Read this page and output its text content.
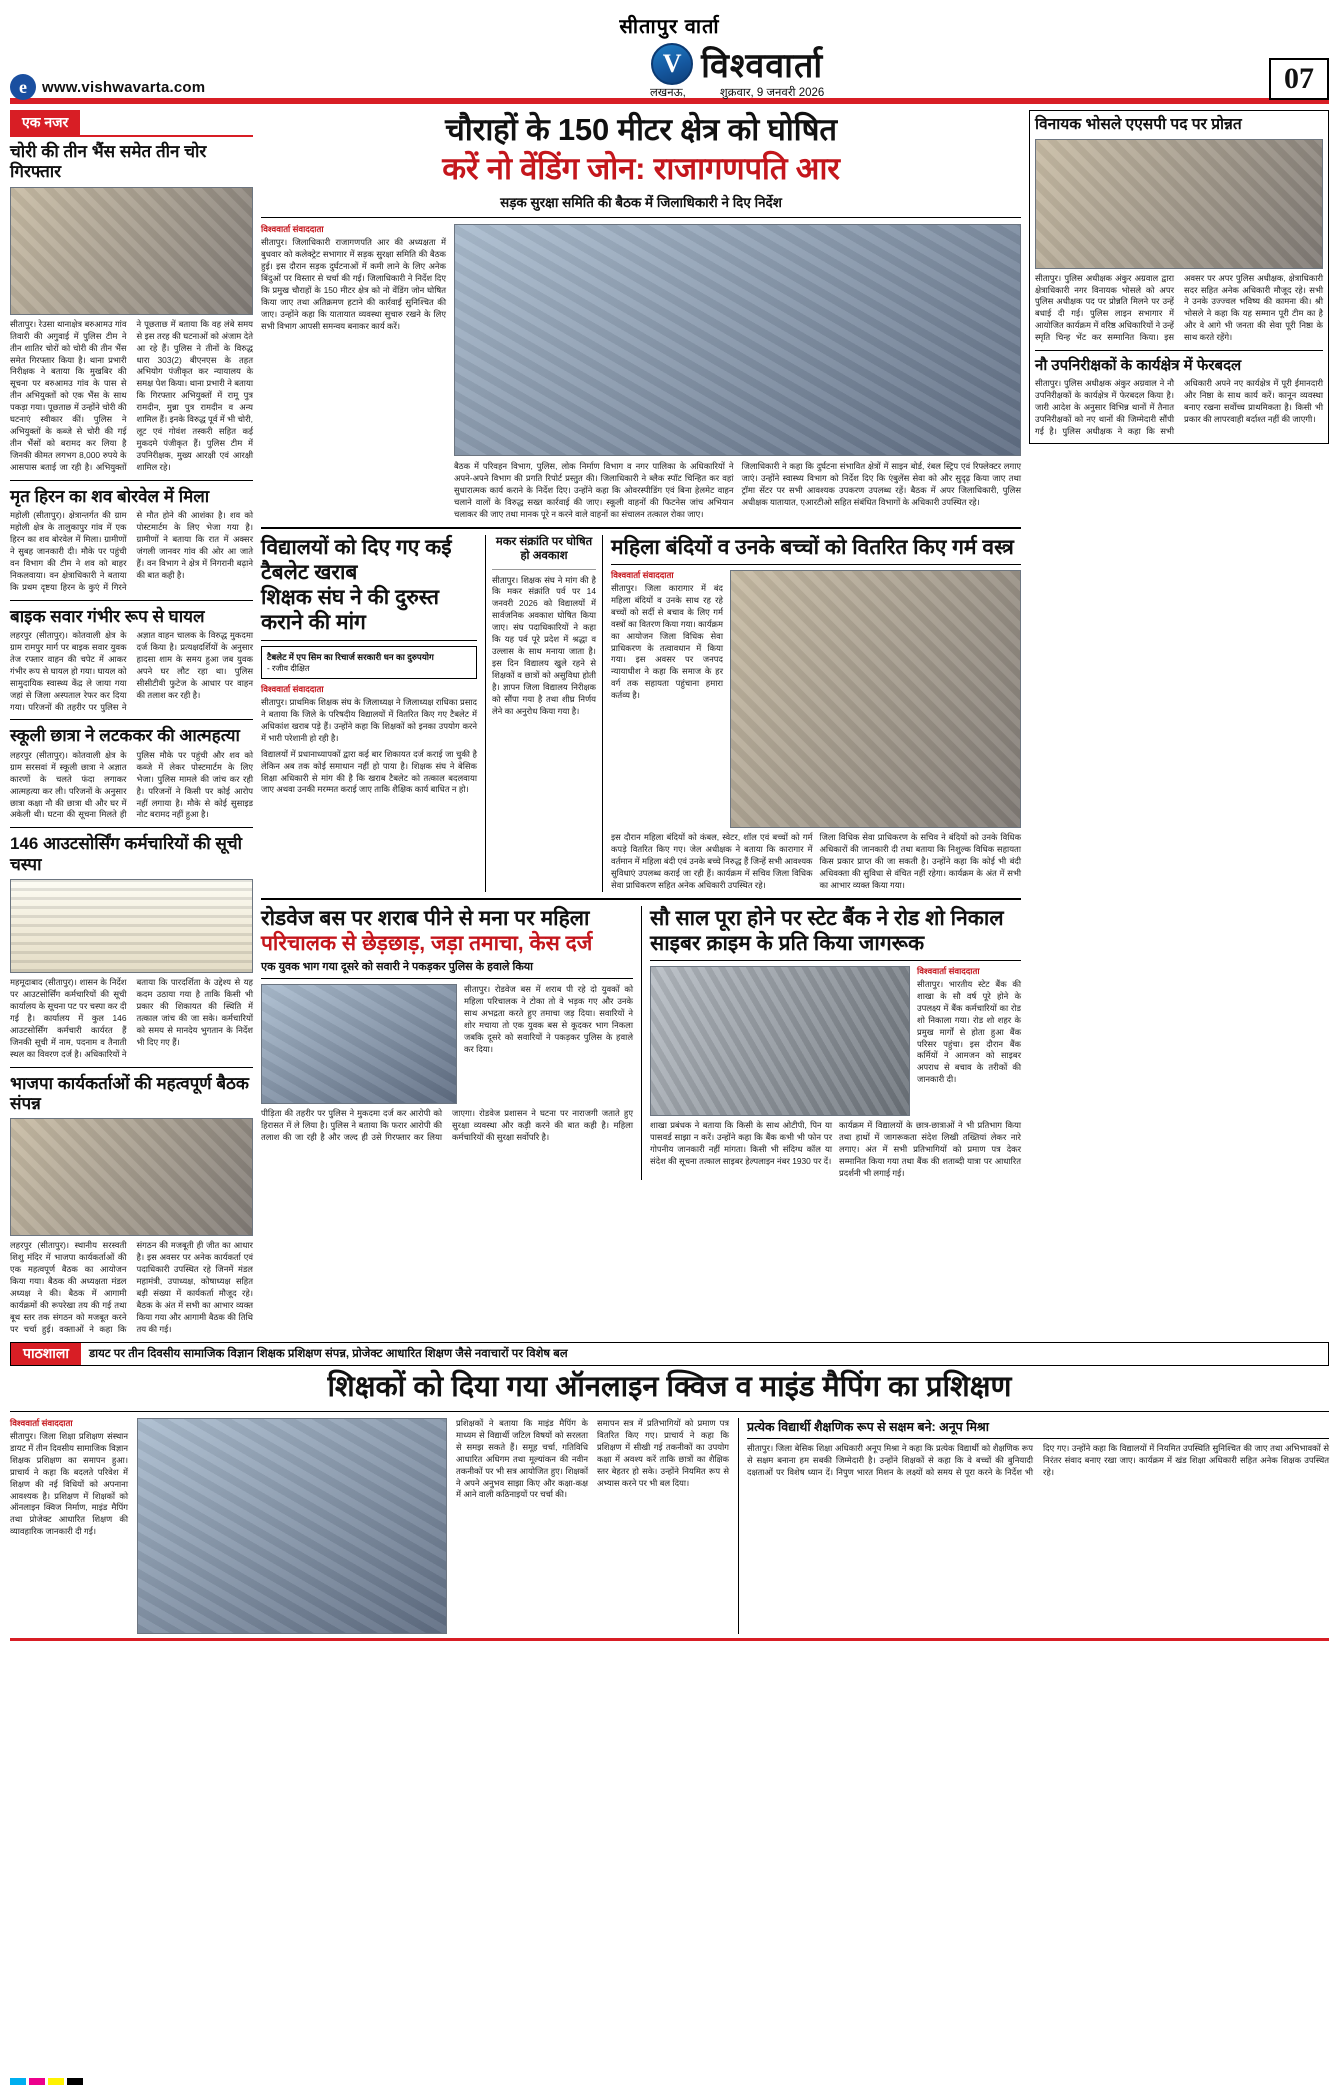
सीतापुर वार्ता
e	www.vishwavarta.com
V विश्ववार्ता
लखनऊ,	शुक्रवार, 9 जनवरी 2026	07
एक नजर
चोरी की तीन भैंस समेत तीन चोर गिरफ्तार
सीतापुर। रेउसा थानाक्षेत्र बरुआमउ गांव तिवारी की अगुवाई में पुलिस टीम ने तीन शातिर चोरों को चोरी की तीन भैंस समेत गिरफ्तार किया है। थाना प्रभारी निरीक्षक ने बताया कि मुखबिर की सूचना पर बरुआमउ गांव के पास से तीन अभियुक्तों को एक भैंस के साथ पकड़ा गया। पूछताछ में उन्होंने चोरी की घटनाएं स्वीकार कीं। पुलिस ने अभियुक्तों के कब्जे से चोरी की गई तीन भैंसों को बरामद कर लिया है जिनकी कीमत लगभग 8,000 रुपये के आसपास बताई जा रही है। अभियुक्तों ने पूछताछ में बताया कि वह लंबे समय से इस तरह की घटनाओं को अंजाम देते आ रहे हैं। पुलिस ने तीनों के विरुद्ध धारा 303(2) बीएनएस के तहत अभियोग पंजीकृत कर न्यायालय के समक्ष पेश किया। थाना प्रभारी ने बताया कि गिरफ्तार अभियुक्तों में रामू पुत्र रामदीन, मुन्ना पुत्र रामदीन व अन्य शामिल हैं। इनके विरुद्ध पूर्व में भी चोरी, लूट एवं गोवंश तस्करी सहित कई मुकदमे पंजीकृत हैं। पुलिस टीम में उपनिरीक्षक, मुख्य आरक्षी एवं आरक्षी शामिल रहे।
मृत हिरन का शव बोरवेल में मिला
महोली (सीतापुर)। क्षेत्रान्तर्गत की ग्राम महोली क्षेत्र के तालुकापुर गांव में एक हिरन का शव बोरवेल में मिला। ग्रामीणों ने सुबह जानकारी दी। मौके पर पहुंची वन विभाग की टीम ने शव को बाहर निकलवाया। वन क्षेत्राधिकारी ने बताया कि प्रथम दृष्टया हिरन के कुएं में गिरने से मौत होने की आशंका है। शव को पोस्टमार्टम के लिए भेजा गया है। ग्रामीणों ने बताया कि रात में अक्सर जंगली जानवर गांव की ओर आ जाते हैं। वन विभाग ने क्षेत्र में निगरानी बढ़ाने की बात कही है।
बाइक सवार गंभीर रूप से घायल
लहरपुर (सीतापुर)। कोतवाली क्षेत्र के ग्राम रामपुर मार्ग पर बाइक सवार युवक तेज रफ्तार वाहन की चपेट में आकर गंभीर रूप से घायल हो गया। घायल को सामुदायिक स्वास्थ्य केंद्र ले जाया गया जहां से जिला अस्पताल रेफर कर दिया गया। परिजनों की तहरीर पर पुलिस ने अज्ञात वाहन चालक के विरुद्ध मुकदमा दर्ज किया है। प्रत्यक्षदर्शियों के अनुसार हादसा शाम के समय हुआ जब युवक अपने घर लौट रहा था। पुलिस सीसीटीवी फुटेज के आधार पर वाहन की तलाश कर रही है।
स्कूली छात्रा ने लटककर की आत्महत्या
लहरपुर (सीतापुर)। कोतवाली क्षेत्र के ग्राम सरसवां में स्कूली छात्रा ने अज्ञात कारणों के चलते फंदा लगाकर आत्महत्या कर ली। परिजनों के अनुसार छात्रा कक्षा नौ की छात्रा थी और घर में अकेली थी। घटना की सूचना मिलते ही पुलिस मौके पर पहुंची और शव को कब्जे में लेकर पोस्टमार्टम के लिए भेजा। पुलिस मामले की जांच कर रही है। परिजनों ने किसी पर कोई आरोप नहीं लगाया है। मौके से कोई सुसाइड नोट बरामद नहीं हुआ है।
146 आउटसोर्सिंग कर्मचारियों की सूची चस्पा
महमूदाबाद (सीतापुर)। शासन के निर्देश पर आउटसोर्सिंग कर्मचारियों की सूची कार्यालय के सूचना पट पर चस्पा कर दी गई है। कार्यालय में कुल 146 आउटसोर्सिंग कर्मचारी कार्यरत हैं जिनकी सूची में नाम, पदनाम व तैनाती स्थल का विवरण दर्ज है। अधिकारियों ने बताया कि पारदर्शिता के उद्देश्य से यह कदम उठाया गया है ताकि किसी भी प्रकार की शिकायत की स्थिति में तत्काल जांच की जा सके। कर्मचारियों को समय से मानदेय भुगतान के निर्देश भी दिए गए हैं।
भाजपा कार्यकर्ताओं की महत्वपूर्ण बैठक संपन्न
लहरपुर (सीतापुर)। स्थानीय सरस्वती शिशु मंदिर में भाजपा कार्यकर्ताओं की एक महत्वपूर्ण बैठक का आयोजन किया गया। बैठक की अध्यक्षता मंडल अध्यक्ष ने की। बैठक में आगामी कार्यक्रमों की रूपरेखा तय की गई तथा बूथ स्तर तक संगठन को मजबूत करने पर चर्चा हुई। वक्ताओं ने कहा कि संगठन की मजबूती ही जीत का आधार है। इस अवसर पर अनेक कार्यकर्ता एवं पदाधिकारी उपस्थित रहे जिनमें मंडल महामंत्री, उपाध्यक्ष, कोषाध्यक्ष सहित बड़ी संख्या में कार्यकर्ता मौजूद रहे। बैठक के अंत में सभी का आभार व्यक्त किया गया और आगामी बैठक की तिथि तय की गई।
चौराहों के 150 मीटर क्षेत्र को घोषित
करें नो वेंडिंग जोन: राजागणपति आर
सड़क सुरक्षा समिति की बैठक में जिलाधिकारी ने दिए निर्देश
विश्ववार्ता संवाददाता
सीतापुर। जिलाधिकारी राजागणपति आर की अध्यक्षता में बुधवार को कलेक्ट्रेट सभागार में सड़क सुरक्षा समिति की बैठक हुई। इस दौरान सड़क दुर्घटनाओं में कमी लाने के लिए अनेक बिंदुओं पर विस्तार से चर्चा की गई। जिलाधिकारी ने निर्देश दिए कि प्रमुख चौराहों के 150 मीटर क्षेत्र को नो वेंडिंग जोन घोषित किया जाए तथा अतिक्रमण हटाने की कार्रवाई सुनिश्चित की जाए। उन्होंने कहा कि यातायात व्यवस्था सुचारु रखने के लिए सभी विभाग आपसी समन्वय बनाकर कार्य करें।
बैठक में परिवहन विभाग, पुलिस, लोक निर्माण विभाग व नगर पालिका के अधिकारियों ने अपने-अपने विभाग की प्रगति रिपोर्ट प्रस्तुत की। जिलाधिकारी ने ब्लैक स्पॉट चिन्हित कर वहां सुधारात्मक कार्य कराने के निर्देश दिए। उन्होंने कहा कि ओवरस्पीडिंग एवं बिना हेलमेट वाहन चलाने वालों के विरुद्ध सख्त कार्रवाई की जाए। स्कूली वाहनों की फिटनेस जांच अभियान चलाकर की जाए तथा मानक पूरे न करने वाले वाहनों का संचालन तत्काल रोका जाए।
जिलाधिकारी ने कहा कि दुर्घटना संभावित क्षेत्रों में साइन बोर्ड, रंबल स्ट्रिप एवं रिफ्लेक्टर लगाए जाएं। उन्होंने स्वास्थ्य विभाग को निर्देश दिए कि एंबुलेंस सेवा को और सुदृढ़ किया जाए तथा ट्रॉमा सेंटर पर सभी आवश्यक उपकरण उपलब्ध रहें। बैठक में अपर जिलाधिकारी, पुलिस अधीक्षक यातायात, एआरटीओ सहित संबंधित विभागों के अधिकारी उपस्थित रहे।
विद्यालयों को दिए गए कई टैबलेट खराब
शिक्षक संघ ने की दुरुस्त कराने की मांग
टैबलेट में एप सिम का रिचार्ज सरकारी धन का दुरुपयोग
- रजीव दीक्षित
विश्ववार्ता संवाददाता
सीतापुर। प्राथमिक शिक्षक संघ के जिलाध्यक्ष ने जिलाध्यक्ष राधिका प्रसाद ने बताया कि जिले के परिषदीय विद्यालयों में वितरित किए गए टैबलेट में अधिकांश खराब पड़े हैं। उन्होंने कहा कि शिक्षकों को इनका उपयोग करने में भारी परेशानी हो रही है।
विद्यालयों में प्रधानाध्यापकों द्वारा कई बार शिकायत दर्ज कराई जा चुकी है लेकिन अब तक कोई समाधान नहीं हो पाया है। शिक्षक संघ ने बेसिक शिक्षा अधिकारी से मांग की है कि खराब टैबलेट को तत्काल बदलवाया जाए अथवा उनकी मरम्मत कराई जाए ताकि शैक्षिक कार्य बाधित न हो।
मकर संक्रांति पर घोषित हो अवकाश
सीतापुर। शिक्षक संघ ने मांग की है कि मकर संक्रांति पर्व पर 14 जनवरी 2026 को विद्यालयों में सार्वजनिक अवकाश घोषित किया जाए। संघ पदाधिकारियों ने कहा कि यह पर्व पूरे प्रदेश में श्रद्धा व उल्लास के साथ मनाया जाता है। इस दिन विद्यालय खुले रहने से शिक्षकों व छात्रों को असुविधा होती है। ज्ञापन जिला विद्यालय निरीक्षक को सौंपा गया है तथा शीघ्र निर्णय लेने का अनुरोध किया गया है।
महिला बंदियों व उनके बच्चों को वितरित किए गर्म वस्त्र
विश्ववार्ता संवाददाता
सीतापुर। जिला कारागार में बंद महिला बंदियों व उनके साथ रह रहे बच्चों को सर्दी से बचाव के लिए गर्म वस्त्रों का वितरण किया गया। कार्यक्रम का आयोजन जिला विधिक सेवा प्राधिकरण के तत्वावधान में किया गया। इस अवसर पर जनपद न्यायाधीश ने कहा कि समाज के हर वर्ग तक सहायता पहुंचाना हमारा कर्तव्य है।
इस दौरान महिला बंदियों को कंबल, स्वेटर, शॉल एवं बच्चों को गर्म कपड़े वितरित किए गए। जेल अधीक्षक ने बताया कि कारागार में वर्तमान में महिला बंदी एवं उनके बच्चे निरुद्ध हैं जिन्हें सभी आवश्यक सुविधाएं उपलब्ध कराई जा रही हैं। कार्यक्रम में सचिव जिला विधिक सेवा प्राधिकरण सहित अनेक अधिकारी उपस्थित रहे।
जिला विधिक सेवा प्राधिकरण के सचिव ने बंदियों को उनके विधिक अधिकारों की जानकारी दी तथा बताया कि निशुल्क विधिक सहायता किस प्रकार प्राप्त की जा सकती है। उन्होंने कहा कि कोई भी बंदी अधिवक्ता की सुविधा से वंचित नहीं रहेगा। कार्यक्रम के अंत में सभी का आभार व्यक्त किया गया।
रोडवेज बस पर शराब पीने से मना पर महिला
परिचालक से छेड़छाड़, जड़ा तमाचा, केस दर्ज
एक युवक भाग गया दूसरे को सवारी ने पकड़कर पुलिस के हवाले किया
सीतापुर। रोडवेज बस में शराब पी रहे दो युवकों को महिला परिचालक ने टोका तो वे भड़क गए और उनके साथ अभद्रता करते हुए तमाचा जड़ दिया। सवारियों ने शोर मचाया तो एक युवक बस से कूदकर भाग निकला जबकि दूसरे को सवारियों ने पकड़कर पुलिस के हवाले कर दिया।
पीड़िता की तहरीर पर पुलिस ने मुकदमा दर्ज कर आरोपी को हिरासत में ले लिया है। पुलिस ने बताया कि फरार आरोपी की तलाश की जा रही है और जल्द ही उसे गिरफ्तार कर लिया जाएगा। रोडवेज प्रशासन ने घटना पर नाराजगी जताते हुए सुरक्षा व्यवस्था और कड़ी करने की बात कही है। महिला कर्मचारियों की सुरक्षा सर्वोपरि है।
सौ साल पूरा होने पर स्टेट बैंक ने रोड शो निकाल
साइबर क्राइम के प्रति किया जागरूक
विश्ववार्ता संवाददाता
सीतापुर। भारतीय स्टेट बैंक की शाखा के सौ वर्ष पूरे होने के उपलक्ष्य में बैंक कर्मचारियों का रोड शो निकाला गया। रोड शो शहर के प्रमुख मार्गों से होता हुआ बैंक परिसर पहुंचा। इस दौरान बैंक कर्मियों ने आमजन को साइबर अपराध से बचाव के तरीकों की जानकारी दी।
शाखा प्रबंधक ने बताया कि किसी के साथ ओटीपी, पिन या पासवर्ड साझा न करें। उन्होंने कहा कि बैंक कभी भी फोन पर गोपनीय जानकारी नहीं मांगता। किसी भी संदिग्ध कॉल या संदेश की सूचना तत्काल साइबर हेल्पलाइन नंबर 1930 पर दें।
कार्यक्रम में विद्यालयों के छात्र-छात्राओं ने भी प्रतिभाग किया तथा हाथों में जागरूकता संदेश लिखी तख्तियां लेकर नारे लगाए। अंत में सभी प्रतिभागियों को प्रमाण पत्र देकर सम्मानित किया गया तथा बैंक की शताब्दी यात्रा पर आधारित प्रदर्शनी भी लगाई गई।
विनायक भोसले एएसपी पद पर प्रोन्नत
सीतापुर। पुलिस अधीक्षक अंकुर अग्रवाल द्वारा क्षेत्राधिकारी नगर विनायक भोसले को अपर पुलिस अधीक्षक पद पर प्रोन्नति मिलने पर उन्हें बधाई दी गई। पुलिस लाइन सभागार में आयोजित कार्यक्रम में वरिष्ठ अधिकारियों ने उन्हें स्मृति चिन्ह भेंट कर सम्मानित किया। इस अवसर पर अपर पुलिस अधीक्षक, क्षेत्राधिकारी सदर सहित अनेक अधिकारी मौजूद रहे। सभी ने उनके उज्ज्वल भविष्य की कामना की। श्री भोसले ने कहा कि यह सम्मान पूरी टीम का है और वे आगे भी जनता की सेवा पूरी निष्ठा के साथ करते रहेंगे।
नौ उपनिरीक्षकों के कार्यक्षेत्र में फेरबदल
सीतापुर। पुलिस अधीक्षक अंकुर अग्रवाल ने नौ उपनिरीक्षकों के कार्यक्षेत्र में फेरबदल किया है। जारी आदेश के अनुसार विभिन्न थानों में तैनात उपनिरीक्षकों को नए थानों की जिम्मेदारी सौंपी गई है। पुलिस अधीक्षक ने कहा कि सभी अधिकारी अपने नए कार्यक्षेत्र में पूरी ईमानदारी और निष्ठा के साथ कार्य करें। कानून व्यवस्था बनाए रखना सर्वोच्च प्राथमिकता है। किसी भी प्रकार की लापरवाही बर्दाश्त नहीं की जाएगी।
पाठशाला	डायट पर तीन दिवसीय सामाजिक विज्ञान शिक्षक प्रशिक्षण संपन्न, प्रोजेक्ट आधारित शिक्षण जैसे नवाचारों पर विशेष बल
शिक्षकों को दिया गया ऑनलाइन क्विज व माइंड मैपिंग का प्रशिक्षण
विश्ववार्ता संवाददाता
सीतापुर। जिला शिक्षा प्रशिक्षण संस्थान डायट में तीन दिवसीय सामाजिक विज्ञान शिक्षक प्रशिक्षण का समापन हुआ। प्राचार्य ने कहा कि बदलते परिवेश में शिक्षण की नई विधियों को अपनाना आवश्यक है। प्रशिक्षण में शिक्षकों को ऑनलाइन क्विज निर्माण, माइंड मैपिंग तथा प्रोजेक्ट आधारित शिक्षण की व्यावहारिक जानकारी दी गई।
प्रशिक्षकों ने बताया कि माइंड मैपिंग के माध्यम से विद्यार्थी जटिल विषयों को सरलता से समझ सकते हैं। समूह चर्चा, गतिविधि आधारित अधिगम तथा मूल्यांकन की नवीन तकनीकों पर भी सत्र आयोजित हुए। शिक्षकों ने अपने अनुभव साझा किए और कक्षा-कक्ष में आने वाली कठिनाइयों पर चर्चा की।
समापन सत्र में प्रतिभागियों को प्रमाण पत्र वितरित किए गए। प्राचार्य ने कहा कि प्रशिक्षण में सीखी गई तकनीकों का उपयोग कक्षा में अवश्य करें ताकि छात्रों का शैक्षिक स्तर बेहतर हो सके। उन्होंने नियमित रूप से अभ्यास करने पर भी बल दिया।
प्रत्येक विद्यार्थी शैक्षणिक रूप से सक्षम बने: अनूप मिश्रा
सीतापुर। जिला बेसिक शिक्षा अधिकारी अनूप मिश्रा ने कहा कि प्रत्येक विद्यार्थी को शैक्षणिक रूप से सक्षम बनाना हम सबकी जिम्मेदारी है। उन्होंने शिक्षकों से कहा कि वे बच्चों की बुनियादी दक्षताओं पर विशेष ध्यान दें। निपुण भारत मिशन के लक्ष्यों को समय से पूरा करने के निर्देश भी दिए गए। उन्होंने कहा कि विद्यालयों में नियमित उपस्थिति सुनिश्चित की जाए तथा अभिभावकों से निरंतर संवाद बनाए रखा जाए। कार्यक्रम में खंड शिक्षा अधिकारी सहित अनेक शिक्षक उपस्थित रहे।
